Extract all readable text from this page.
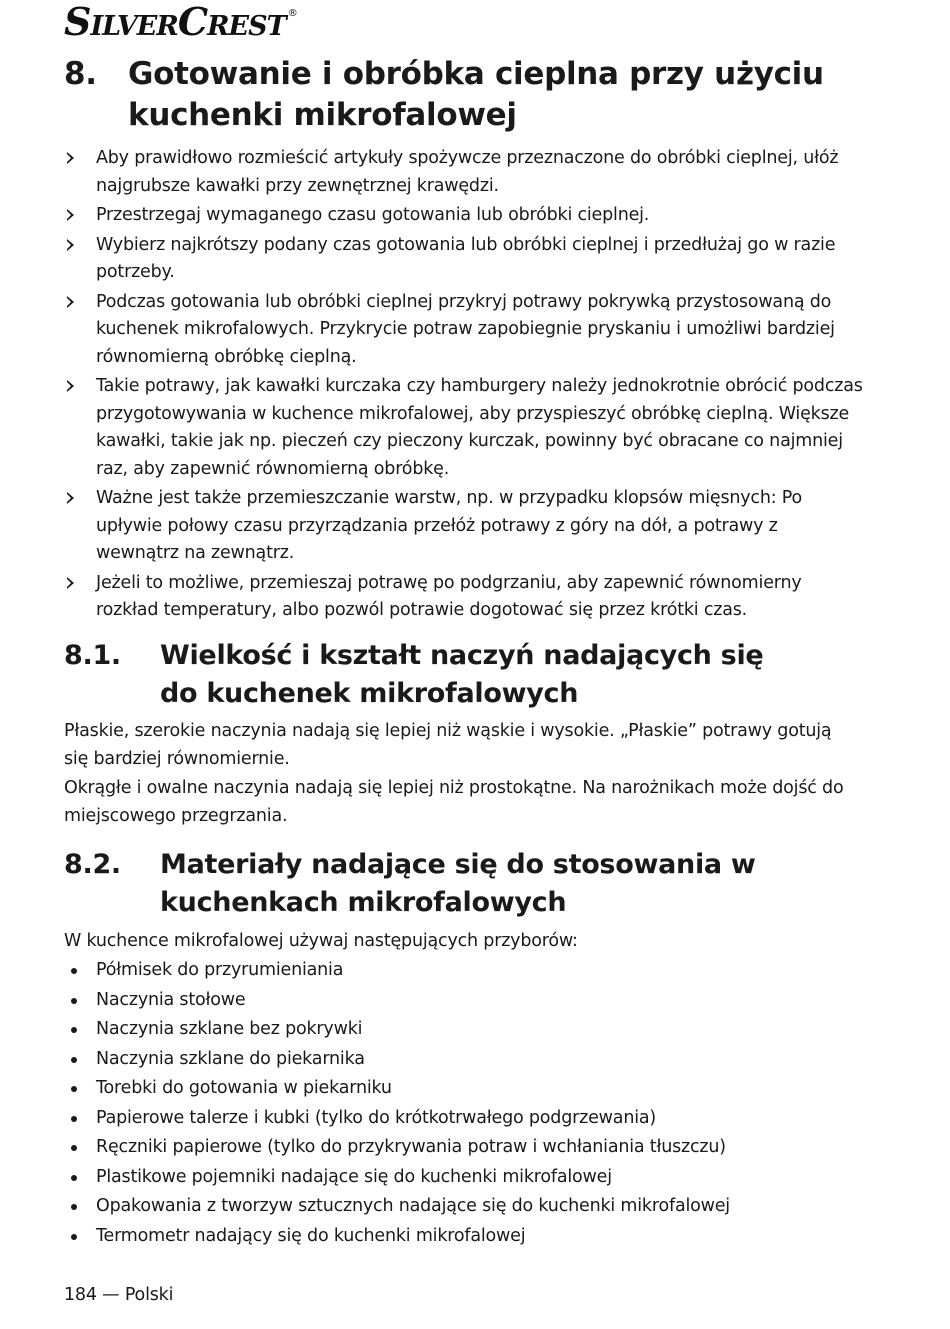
SilverCrest ®
8.	Gotowanie i obróbka cieplna przy użyciu kuchenki mikrofalowej
Aby prawidłowo rozmieścić artykuły spożywcze przeznaczone do obróbki cieplnej, ułóż najgrubsze kawałki przy zewnętrznej krawędzi.
Przestrzegaj wymaganego czasu gotowania lub obróbki cieplnej.
Wybierz najkrótszy podany czas gotowania lub obróbki cieplnej i przedłużaj go w razie potrzeby.
Podczas gotowania lub obróbki cieplnej przykryj potrawy pokrywką przystosowaną do kuchenek mikrofalowych. Przykrycie potraw zapobiegnie pryskaniu i umożliwi bardziej równomierną obróbkę cieplną.
Takie potrawy, jak kawałki kurczaka czy hamburgery należy jednokrotnie obrócić podczas przygotowywania w kuchence mikrofalowej, aby przyspieszyć obróbkę cieplną. Większe kawałki, takie jak np. pieczeń czy pieczony kurczak, powinny być obracane co najmniej raz, aby zapewnić równomierną obróbkę.
Ważne jest także przemieszczanie warstw, np. w przypadku klopsów mięsnych: Po upływie połowy czasu przyrządzania przełóż potrawy z góry na dół, a potrawy z wewnątrz na zewnątrz.
Jeżeli to możliwe, przemieszaj potrawę po podgrzaniu, aby zapewnić równomierny rozkład temperatury, albo pozwól potrawie dogotować się przez krótki czas.
8.1.	Wielkość i kształt naczyń nadających się do kuchenek mikrofalowych

Płaskie, szerokie naczynia nadają się lepiej niż wąskie i wysokie. „Płaskie” potrawy gotują się bardziej równomiernie.

Okrągłe i owalne naczynia nadają się lepiej niż prostokątne. Na narożnikach może dojść do miejscowego przegrzania.

8.2.	Materiały nadające się do stosowania w kuchenkach mikrofalowych

W kuchence mikrofalowej używaj następujących przyborów:

Półmisek do przyrumieniania
Naczynia stołowe
Naczynia szklane bez pokrywki
Naczynia szklane do piekarnika
Torebki do gotowania w piekarniku
Papierowe talerze i kubki (tylko do krótkotrwałego podgrzewania)
Ręczniki papierowe (tylko do przykrywania potraw i wchłaniania tłuszczu)
Plastikowe pojemniki nadające się do kuchenki mikrofalowej
Opakowania z tworzyw sztucznych nadające się do kuchenki mikrofalowej
Termometr nadający się do kuchenki mikrofalowej
184 — Polski
